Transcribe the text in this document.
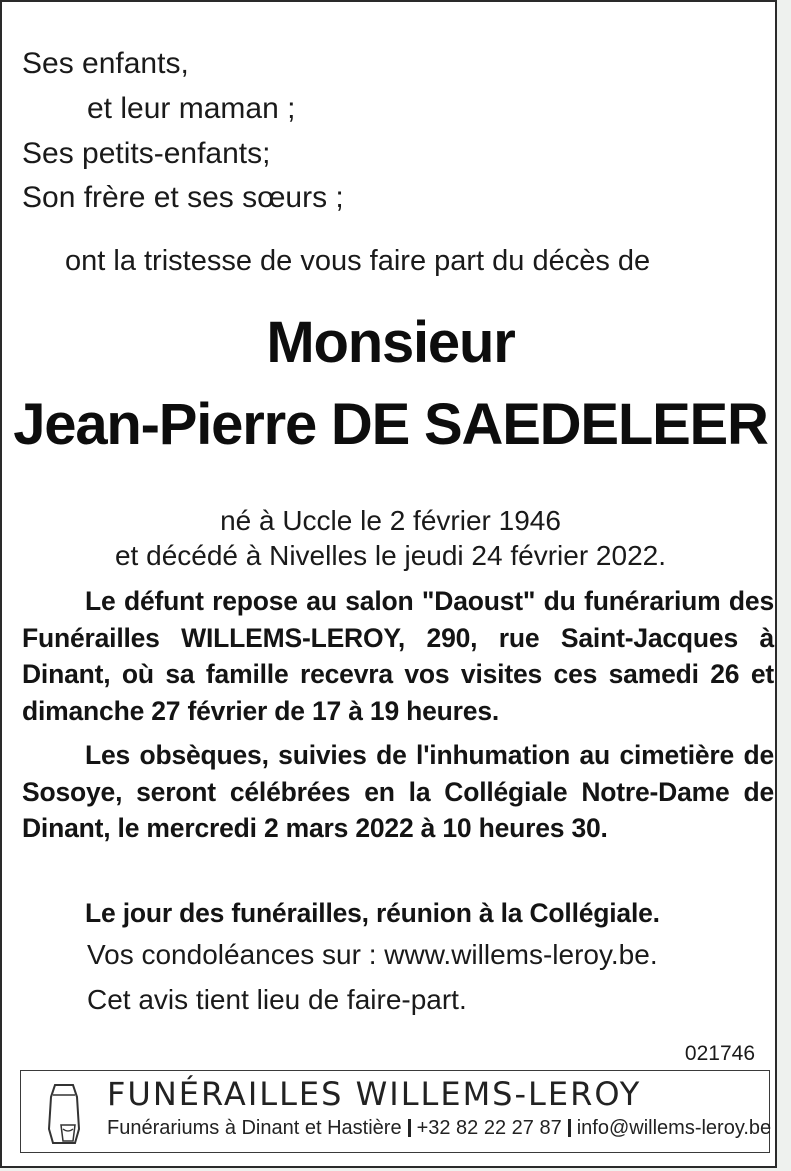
Ses enfants,
et leur maman ;
Ses petits-enfants;
Son frère et ses sœurs ;
ont la tristesse de vous faire part du décès de
Monsieur
Jean-Pierre DE SAEDELEER
né à Uccle le 2 février 1946
et décédé à Nivelles le jeudi 24 février 2022.
Le défunt repose au salon "Daoust" du funérarium des Funérailles WILLEMS-LEROY, 290, rue Saint-Jacques à Dinant, où sa famille recevra vos visites ces samedi 26 et dimanche 27 février de 17 à 19 heures.
Les obsèques, suivies de l'inhumation au cimetière de Sosoye, seront célébrées en la Collégiale Notre-Dame de Dinant, le mercredi 2 mars 2022 à 10 heures 30.
Le jour des funérailles, réunion à la Collégiale.
Vos condoléances sur : www.willems-leroy.be.
Cet avis tient lieu de faire-part.
021746
FUNÉRAILLES WILLEMS-LEROY
Funérariums à Dinant et Hastière +32 82 22 27 87 info@willems-leroy.be
